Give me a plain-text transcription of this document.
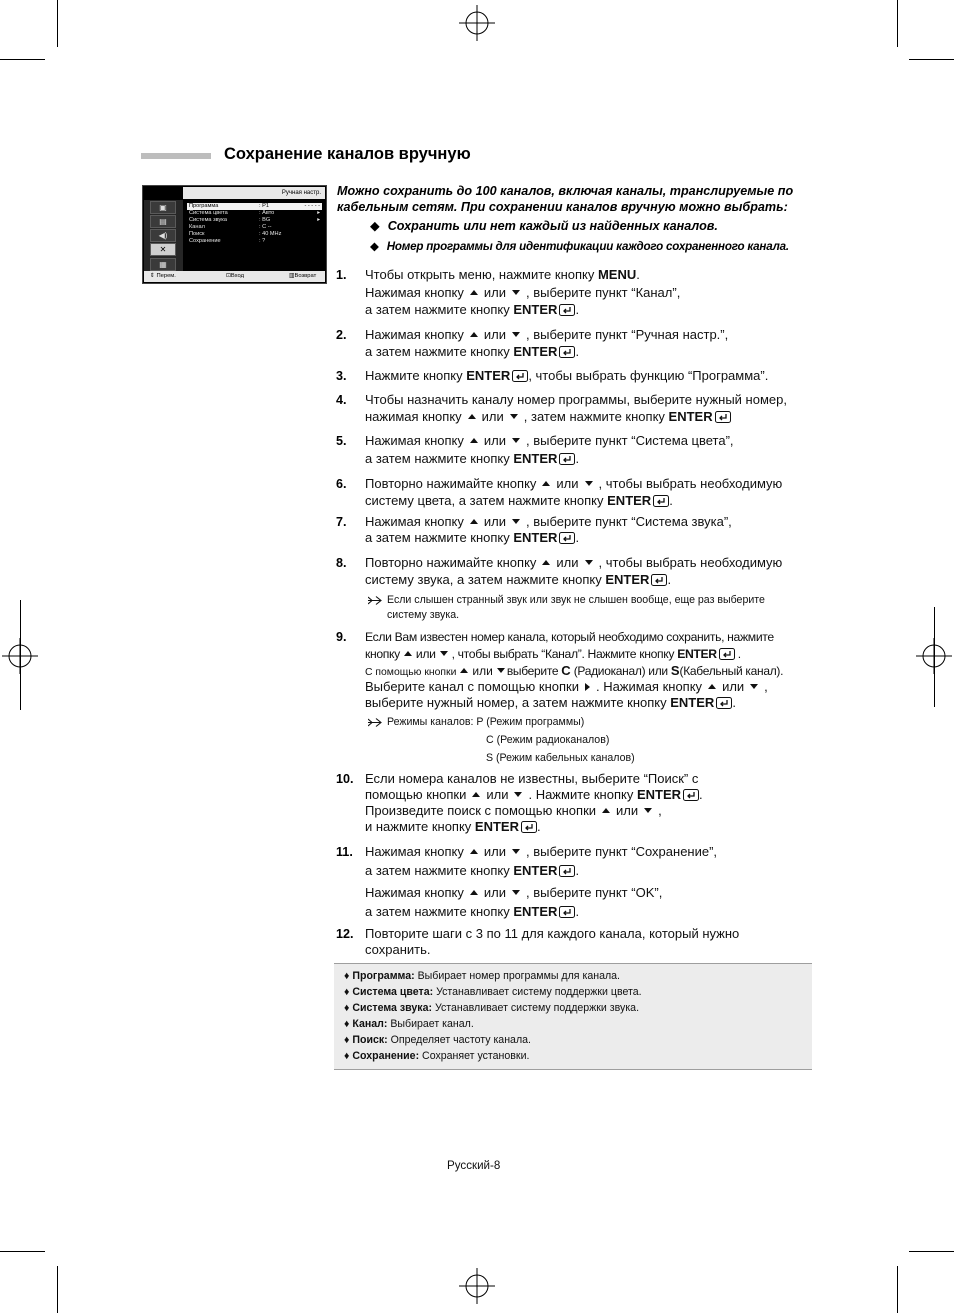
Сохранение каналов вручную
▣
▤
◀)
✕
▦
Ручная настр.
Программа	: P1	- - - - -
Система цвета	: Авто	▸
Система звука	: BG	▸
Канал	: C --
Поиск	: 40 MHz
Сохранение	: ?
⇕ Перем.	⊡Вход	▥Возврат
Можно сохранить до 100 каналов, включая каналы, транслируемые по кабельным сетям. При сохранении каналов вручную можно выбрать:
◆ Сохранить или нет каждый из найденных каналов.
◆ Номер программы для идентификации каждого сохраненного канала.
1. Чтобы открыть меню, нажмите кнопку MENU.
Нажимая кнопку или , выберите пункт “Канал”,
а затем нажмите кнопку ENTER .
2. Нажимая кнопку или , выберите пункт “Ручная настр.”,
а затем нажмите кнопку ENTER .
3. Нажмите кнопку ENTER , чтобы выбрать функцию “Программа”.
4. Чтобы назначить каналу номер программы, выберите нужный номер,
нажимая кнопку или , затем нажмите кнопку ENTER
5. Нажимая кнопку или , выберите пункт “Система цвета”,
а затем нажмите кнопку ENTER .
6. Повторно нажимайте кнопку или , чтобы выбрать необходимую
систему цвета, а затем нажмите кнопку ENTER .
7. Нажимая кнопку или , выберите пункт “Система звука”,
а затем нажмите кнопку ENTER .
8. Повторно нажимайте кнопку или , чтобы выбрать необходимую
систему звука, а затем нажмите кнопку ENTER .
Если слышен странный звук или звук не слышен вообще, еще раз выберите
систему звука.
9. Если Вам известен номер канала, который необходимо сохранить, нажмите
кнопку или , чтобы выбрать “Канал”. Нажмите кнопку ENTER .
С помощью кнопки или выберите C (Радиоканал) или S(Кабельный канал).
Выберите канал с помощью кнопки . Нажимая кнопку или ,
выберите нужный номер, а затем нажмите кнопку ENTER .
Режимы каналов: P (Режим программы)
C (Режим радиоканалов)
S (Режим кабельных каналов)
10. Если номера каналов не известны, выберите “Поиск” с
помощью кнопки или . Нажмите кнопку ENTER .
Произведите поиск с помощью кнопки или ,
и нажмите кнопку ENTER .
11. Нажимая кнопку или , выберите пункт “Сохранение”,
а затем нажмите кнопку ENTER .
Нажимая кнопку или , выберите пункт “OK”,
а затем нажмите кнопку ENTER .
12. Повторите шаги с 3 по 11 для каждого канала, который нужно
сохранить.
♦ Программа: Выбирает номер программы для канала.
♦ Система цвета: Устанавливает систему поддержки цвета.
♦ Система звука: Устанавливает систему поддержки звука.
♦ Канал: Выбирает канал.
♦ Поиск: Определяет частоту канала.
♦ Сохранение: Сохраняет установки.
Русский-8
